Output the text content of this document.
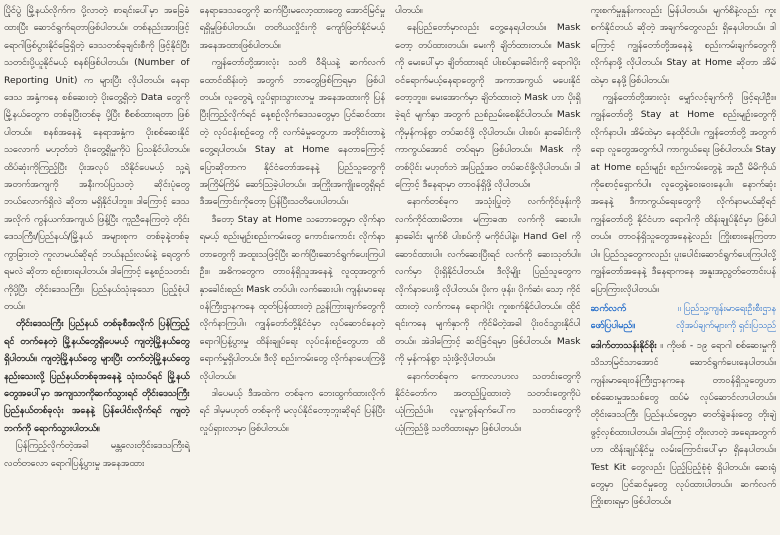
ပြိုင်ပွဲ မြို့နယ်လိုက်က ပို့လာတဲ့ စာရင်းပေါ်မှာ အခြေခံထားပြီး ဆောင်ရွက်ရတာဖြစ်ပါတယ်။ တစ်နည်းအားဖြင့် ရောဂါဖြစ်ပွားနိုင်ခြေရှိတဲ့ ဒေသတစ်ခုချင်းစီကို ဖြင့်နိုင်ပြီး သတင်းပို့ယူနိုင်မယ့် စနစ်ဖြစ်ပါတယ်။ (Number of Reporting Unit) က များပြီး လိုပါတယ်။ နေရာဒေသ အနှံ့ကနေ စစ်ဆေးတဲ့ ပိုးတွေ့ရှိတဲ့ Data တွေကို မြို့နယ်တွေက တစ်ခုပြီးတစ်ခု ပို့ပြီး စီစစ်ထားရတာ ဖြစ်ပါတယ်။ စနစ်အနေနဲ့ နေရာအနှံ့က ပိုးစစ်ဆေးနိုင်သလောက် မဟုတ်ဘဲ ပိုးတွေ့ရှိမှုကိုပဲ ပြသနိုင်ပါတယ်။ ထိပ်ဆုံးကိုကြည့်ပြီး ပိုးအလုပ် သိနိုင်ပေမယ့် သူ့ရဲ့အတက်အကျကို အနီးကပ်ပြသတဲ့ ဆိုင်းပုံတွေ ဘယ်လောက်ရှိလဲ ဆိုတာ မရှိနိုင်ပါဘူး။ ဒါကြောင့် ဒေသအလိုက် ကွန်ယက်အကျယ် ဖြန့်ပြီး ကူညီနေကြတဲ့ တိုင်းဒေသကြီး/ပြည်နယ်/မြို့နယ် အများစုက တစ်ခုနဲ့တစ်ခု ကွာခြားတဲ့ ကူလာမယ်ဆိုရင် ဘယ်နည်းလမ်းနဲ့ ရေတွက်ရမလဲ ဆိုတာ စဉ်းစားရပါတယ်။ ဒါကြောင့် နေ့စဉ်သတင်းကိုပို့ပြီး တိုင်းဒေသကြီး၊ ပြည်နယ်သုံးခုသော ပြည့်စုံပါတယ်။

တိုင်းဒေသကြီး ပြည်နယ် တစ်ခုစီအလိုက် ပြန်ကြည့်ရင် တက်နေတဲ့ မြို့နယ်တွေရှိပေမယ့် ကျတဲ့မြို့နယ်တွေ ရှိပါတယ်။ ကျတဲ့မြို့နယ်တွေ များပြီး တက်တဲ့မြို့နယ်တွေ နည်းသေးလို့ ပြည်နယ်တစ်ခုအနေနဲ့ သုံးသပ်ရင် မြို့နယ်တွေအပေါ်မှာ အကျသာကိုဆက်သွားရင် တိုင်းဒေသကြီး ပြည်နယ်တစ်ခုလုံး အနေနဲ့ ပြန်ပေါင်းလိုက်ရင် ကျတဲ့ဘက်ကို ရောက်သွားပါတယ်။

ပြန်ကြည့်လိုက်တဲ့အခါ မန္တလေးတိုင်းဒေသကြီးရဲ့ လတ်တလော ရောဂါပြန့်ပွားမှု အနေအထား

နေရာဒေသတွေကို ဆက်ပြီးမလော့ထားတွေ အောင်မြင်မှု ရရှိမှုဖြစ်ပါတယ်။ တတိယလှိုင်းကို ကျော်ဖြတ်နိုင်မယ့် အနေအထားဖြစ်ပါတယ်။

ကျွန်တော်တို့အားလုံး သတိ ဝီရိယနဲ့ ဆက်လက်ထောင်ထိန်းတဲ့ အတွက် ဘာတွေဖြစ်ကြရမှာ ဖြစ်ပါတယ်။ လူတွေရဲ့ လှုပ်ရှားသွားလာမှု အနေအထားကို ပြန်ပြီးကြည့်လိုက်ရင် နေ့စဉ်လိုက်ဒေသတွေမှာ ပြင်ဆင်ထားတဲ့ လုပ်ငန်းစဉ်တွေ ကို လက်ခံမှုတွေဟာ အတိုင်းတာနဲ့ တွေ့ရပါတယ်။ Stay at Home နေတာကြောင့် ပြောဆိုတာက နိုင်ငံတော်အနေနဲ့ ပြည်သူတွေကို အကြိမ်ကြိမ် ဆော်ဩခဲ့ပါတယ်။ အကြိုးအကျိုးတွေရှိရင် ဒီအကြောင်းကိုတော့ ပြန်ပြီးသတိပေးပါတယ်။

ဒီတော့ Stay at Home သဘောတွေမှာ လိုက်နာရမယ့် စည်းမျဉ်းစည်းကမ်းတွေ ကောင်းကောင်း လိုက်နာတာတွေကို အထူးသဖြင့်ပြီး ဆက်ပြီးဆောင်ရွက်ပေးကြပါဦး။ အဓိကတွေက တာဝန်ရှိသူအနေနဲ့ လူထုအတွက် နှာခေါင်းစည်း Mask တပ်ပါ။ လက်ဆေးပါ။ ကျန်းမာရေးဝန်ကြီးဌာနကနေ ထုတ်ပြန်ထားတဲ့ ညွှန်ကြားချက်တွေကို လိုက်နာကြပါ။ ကျွန်တော်တို့နိုင်ငံမှာ လုပ်ဆောင်နေတဲ့ ရောဂါပြန့်ပွားမှု ထိန်းချုပ်ရေး လုပ်ငန်းစဉ်တွေဟာ ထိရောက်မှုရှိပါတယ်။ ဒီလို စည်းကမ်းတွေ လိုက်နာပေးကြဖို့ လိုပါတယ်။

ဒါပေမယ့် ဒီအထဲက တစ်ခုက ဘေးထွက်ထားလိုက်ရင် ဒါမှမဟုတ် တစ်ခုကို မလုပ်နိုင်တော့ဘူးဆိုရင် ပြန်ပြီးလှုပ်ရှားလာမှာ ဖြစ်ပါတယ်။

ပါတယ်။

နေပြည်တော်မှာလည်း တွေ့နေရပါတယ်။ Mask တော့ တပ်ထားတယ်။ မေးကို ချိတ်ထားတယ်။ Mask ကို မေးပေါ်မှာ ချိတ်ထားရင် ပါးစပ်နှာခေါင်းကို ရောဂါပိုးဝင်ရောက်မယ့်နေရာတွေကို အကာအကွယ် မပေးနိုင်တော့ဘူး။ မေးအောက်မှာ ချိတ်ထားတဲ့ Mask ဟာ ပိုးရှိခဲ့ရင် မျက်နှာ အတွက် ညစ်ညမ်းစေနိုင်ပါတယ်။ Mask ကိုမှန်ကန်စွာ တပ်ဆင်ဖို့ လိုပါတယ်။ ပါးစပ်၊ နှာခေါင်းကို ကာကွယ်အောင် တပ်ရမှာ ဖြစ်ပါတယ်။ Mask ကို တစ်ပိုင်း မဟုတ်ဘဲ အပြည့်အဝ တပ်ဆင်ဖို့လိုပါတယ်။ ဒါကြောင့် ဒီနေရာမှာ တာဝန်ရှိဖို့ လိုပါတယ်။

နောက်တစ်ခုက အသုံးပြုတဲ့ လက်ကိုင်ဖုန်းကို လက်ကိုင်ထားမိတာ။ မကြာခဏ လက်ကို ဆေးပါ။ နှာခေါင်း မျက်စိ ပါးစပ်ကို မကိုင်ပါနဲ့။ Hand Gel ကိုဆောင်ထားပါ။ လက်ဆေးပြီးရင် လက်ကို ဆေးသုတ်ပါ။ လက်မှာ ပိုးရှိနိုင်ပါတယ်။ ဒီလိုမျိုး ပြည်သူတွေက လိုက်နာပေးဖို့ လိုပါတယ်။ ပိုးက ဖုန်း၊ ပိုက်ဆံ၊ သော့ ကိုင်ထားတဲ့ လက်ကနေ ရောဂါပိုး ကူးစက်နိုင်ပါတယ်။ ထိုင်ရင်းကနေ မျက်နှာကို ကိုင်မိတဲ့အခါ ပိုးဝင်သွားနိုင်ပါတယ်။ အဲဒါကြောင့် ဆင်ခြင်ရမှာ ဖြစ်ပါတယ်။ Mask ကို မှန်ကန်စွာ သုံးဖို့လိုပါတယ်။

နောက်တစ်ခုက ကောလာဟလ သတင်းတွေကို နိုင်ငံတော်က အတည်ပြုထားတဲ့ သတင်းတွေကိုပဲ ယုံကြည်ပါ။ လူမှုကွန်ရက်ပေါ်က သတင်းတွေကို ယုံကြည်ဖို့ သတိထားရမှာ ဖြစ်ပါတယ်။

ကူးစက်မှုနှုန်းကလည်း မြန်ပါတယ်။ မျက်စိနဲ့လည်း ကူးစက်နိုင်တယ် ဆိုတဲ့ အချက်တွေလည်း ရှိနေပါတယ်။ ဒါကြောင့် ကျွန်တော်တို့အနေနဲ့ စည်းကမ်းချက်တွေကို လိုက်နာဖို့ လိုပါတယ်။ Stay at Home ဆိုတာ အိမ်ထဲမှာ နေဖို့ ဖြစ်ပါတယ်။

ကျွန်တော်တို့အားလုံး မျှော်လင့်ချက်ကို ဖြင့်ရပါဦး။ ကျွန်တော်တို့ Stay at Home စည်းမျဉ်းတွေကို လိုက်နာပါ။ အိမ်ထဲမှာ နေထိုင်ပါ။ ကျွန်တော်တို့ အတွက်ရော လူတွေအတွက်ပါ ကာကွယ်ရေး ဖြစ်ပါတယ်။ Stay at Home စည်းမျဉ်း စည်းကမ်းတွေနဲ့ အညီ မိမိကိုယ်ကိုစောင့်ရှောက်ပါ။ လူတွေနဲ့ဝေးဝေးနေပါ။ နောက်ဆုံးအနေနဲ့ ဒီကာကွယ်ရေးတွေကို လိုက်နာမယ်ဆိုရင် ကျွန်တော်တို့ နိုင်ငံဟာ ရောဂါကို ထိန်းချုပ်နိုင်မှာ ဖြစ်ပါတယ်။ တာဝန်ရှိသူတွေအနေနဲ့လည်း ကြိုးစားနေကြတာပါ။ ပြည်သူတွေကလည်း ပူးပေါင်းဆောင်ရွက်ပေးကြပါလို့ ကျွန်တော်အနေနဲ့ ဒီနေရာကနေ အနူးအညွတ်တောင်းပန်ပြောကြားလိုပါတယ်။

ဆက်လက်ဖော်ပြပါမည်။
။ ပြည်သူ့ကျန်းမာရေးဦးစီးဌာန လိုအပ်ချက်များကို ရှင်းပြသည်

ဒေါက်တာသန်းနိုင်စိုး ။ ကိုဗစ် - ၁၉ ရောဂါ စစ်ဆေးမှုကို သိသာမြင်သာအောင် ဆောင်ရွက်ပေးနေပါတယ်။ ကျန်းမာရေးဝန်ကြီးဌာနကနေ တာဝန်ရှိသူတွေဟာ စစ်ဆေးမှုအသစ်တွေ ထပ်မံ လုပ်ဆောင်လာပါတယ်။ တိုင်းဒေသကြီး ပြည်နယ်တွေမှာ ဓာတ်ခွဲခန်းတွေ တိုးချဲ့ဖွင့်လှစ်ထားပါတယ်။ ဒါကြောင့် တိုးလာတဲ့ အရေအတွက်ဟာ ထိန်းချုပ်နိုင်မှု လမ်းကြောင်းပေါ်မှာ ရှိနေပါတယ်။ Test Kit တွေလည်း ပြည့်ပြည့်စုံစုံ ရှိပါတယ်။ ဆေးရုံတွေမှာ ပြင်ဆင်မှုတွေ လုပ်ထားပါတယ်။ ဆက်လက်ကြိုးစားရမှာ ဖြစ်ပါတယ်။
